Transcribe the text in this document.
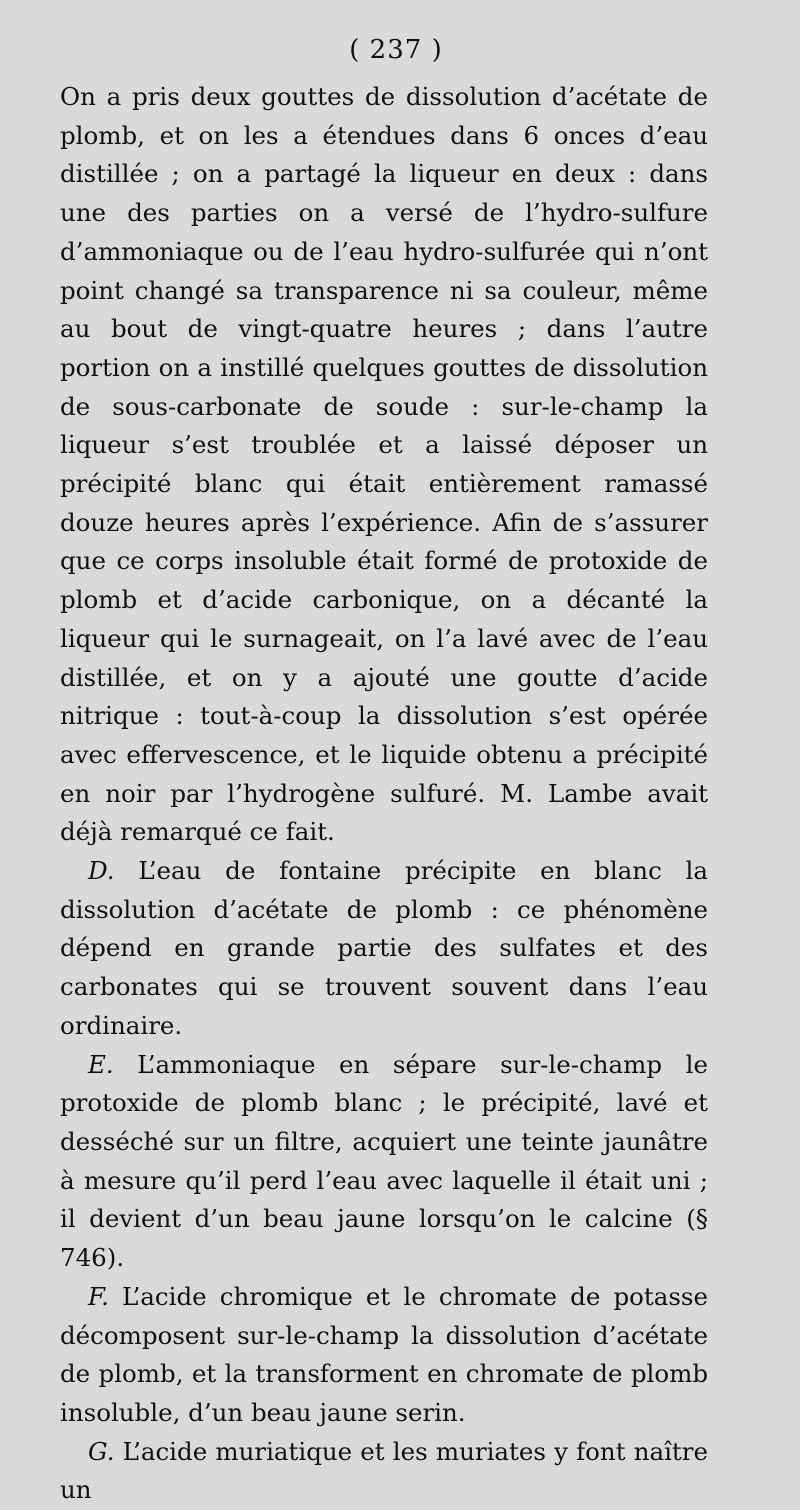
( 237 )

On a pris deux gouttes de dissolution d’acétate de plomb, et on les a étendues dans 6 onces d’eau distillée ; on a partagé la liqueur en deux : dans une des parties on a versé de l’hydro-sulfure d’ammoniaque ou de l’eau hydro-sulfurée qui n’ont point changé sa transparence ni sa couleur, même au bout de vingt-quatre heures ; dans l’autre portion on a instillé quelques gouttes de dissolution de sous-carbonate de soude : sur-le-champ la liqueur s’est troublée et a laissé déposer un précipité blanc qui était entièrement ramassé douze heures après l’expérience. Afin de s’assurer que ce corps insoluble était formé de protoxide de plomb et d’acide carbonique, on a décanté la liqueur qui le surnageait, on l’a lavé avec de l’eau distillée, et on y a ajouté une goutte d’acide nitrique : tout-à-coup la dissolution s’est opérée avec effervescence, et le liquide obtenu a précipité en noir par l’hydrogène sulfuré. M. Lambe avait déjà remarqué ce fait.

D. L’eau de fontaine précipite en blanc la dissolution d’acétate de plomb : ce phénomène dépend en grande partie des sulfates et des carbonates qui se trouvent souvent dans l’eau ordinaire.

E. L’ammoniaque en sépare sur-le-champ le protoxide de plomb blanc ; le précipité, lavé et desséché sur un filtre, acquiert une teinte jaunâtre à mesure qu’il perd l’eau avec laquelle il était uni ; il devient d’un beau jaune lorsqu’on le calcine (§ 746).

F. L’acide chromique et le chromate de potasse décomposent sur-le-champ la dissolution d’acétate de plomb, et la transforment en chromate de plomb insoluble, d’un beau jaune serin.

G. L’acide muriatique et les muriates y font naître un
